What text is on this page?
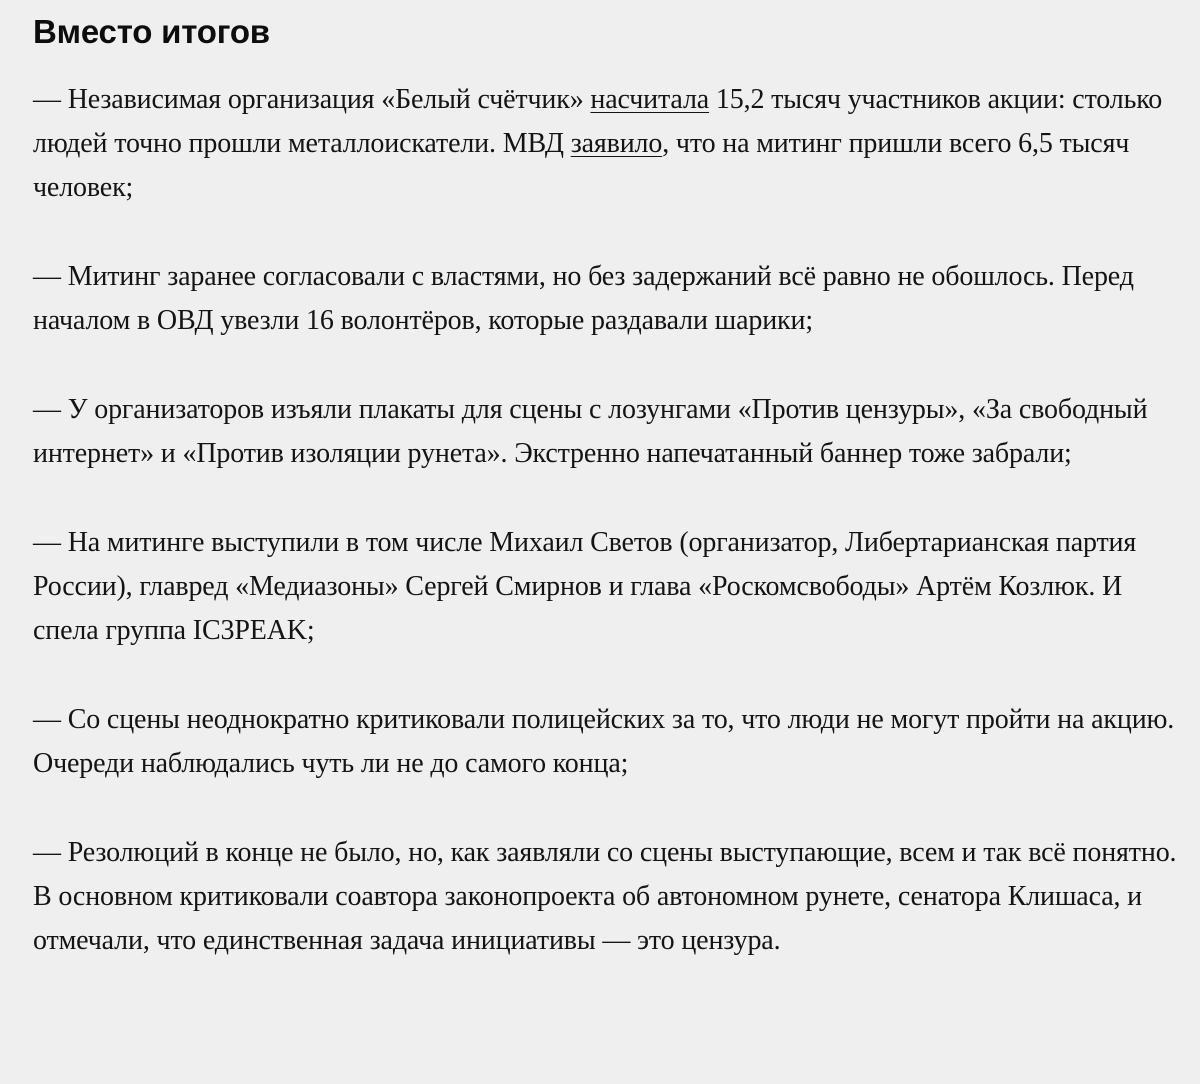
Вместо итогов

— Независимая организация «Белый счётчик» насчитала 15,2 тысяч участников акции: столько людей точно прошли металлоискатели. МВД заявило, что на митинг пришли всего 6,5 тысяч человек;

— Митинг заранее согласовали с властями, но без задержаний всё равно не обошлось. Перед началом в ОВД увезли 16 волонтёров, которые раздавали шарики;

— У организаторов изъяли плакаты для сцены с лозунгами «Против цензуры», «За свободный интернет» и «Против изоляции рунета». Экстренно напечатанный баннер тоже забрали;

— На митинге выступили в том числе Михаил Светов (организатор, Либертарианская партия России), главред «Медиазоны» Сергей Смирнов и глава «Роскомсвободы» Артём Козлюк. И спела группа IC3PEAK;

— Со сцены неоднократно критиковали полицейских за то, что люди не могут пройти на акцию. Очереди наблюдались чуть ли не до самого конца;

— Резолюций в конце не было, но, как заявляли со сцены выступающие, всем и так всё понятно. В основном критиковали соавтора законопроекта об автономном рунете, сенатора Клишаса, и отмечали, что единственная задача инициативы — это цензура.
